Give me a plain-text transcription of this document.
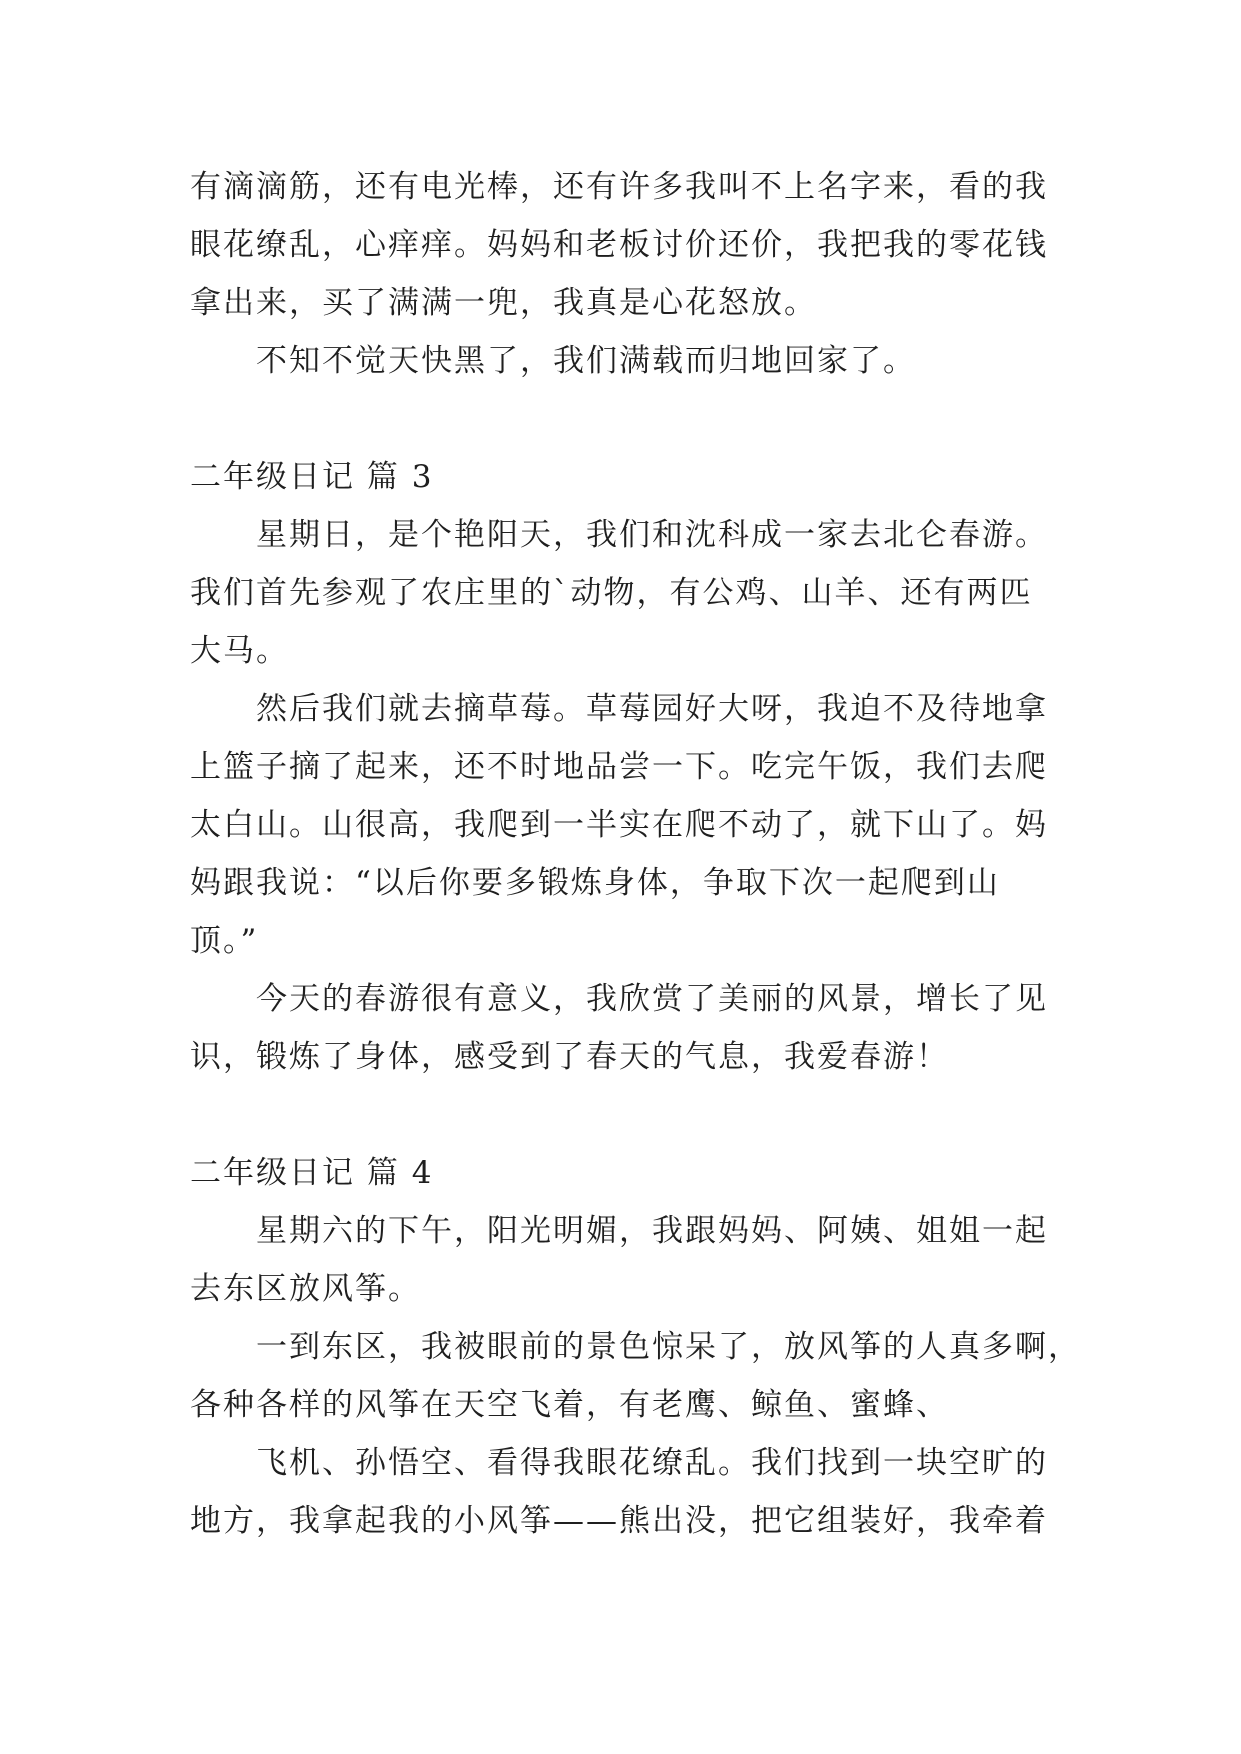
有滴滴筋，还有电光棒，还有许多我叫不上名字来，看的我
眼花缭乱，心痒痒。妈妈和老板讨价还价，我把我的零花钱
拿出来，买了满满一兜，我真是心花怒放。
不知不觉天快黑了，我们满载而归地回家了。
二年级日记 篇 3
星期日，是个艳阳天，我们和沈科成一家去北仑春游。
我们首先参观了农庄里的`动物，有公鸡、山羊、还有两匹
大马。
然后我们就去摘草莓。草莓园好大呀，我迫不及待地拿
上篮子摘了起来，还不时地品尝一下。吃完午饭，我们去爬
太白山。山很高，我爬到一半实在爬不动了，就下山了。妈
妈跟我说：“以后你要多锻炼身体，争取下次一起爬到山
顶。”
今天的春游很有意义，我欣赏了美丽的风景，增长了见
识，锻炼了身体，感受到了春天的气息，我爱春游！
二年级日记 篇 4
星期六的下午，阳光明媚，我跟妈妈、阿姨、姐姐一起
去东区放风筝。
一到东区，我被眼前的景色惊呆了，放风筝的人真多啊，
各种各样的风筝在天空飞着，有老鹰、鲸鱼、蜜蜂、
飞机、孙悟空、看得我眼花缭乱。我们找到一块空旷的
地方，我拿起我的小风筝——熊出没，把它组装好，我牵着
